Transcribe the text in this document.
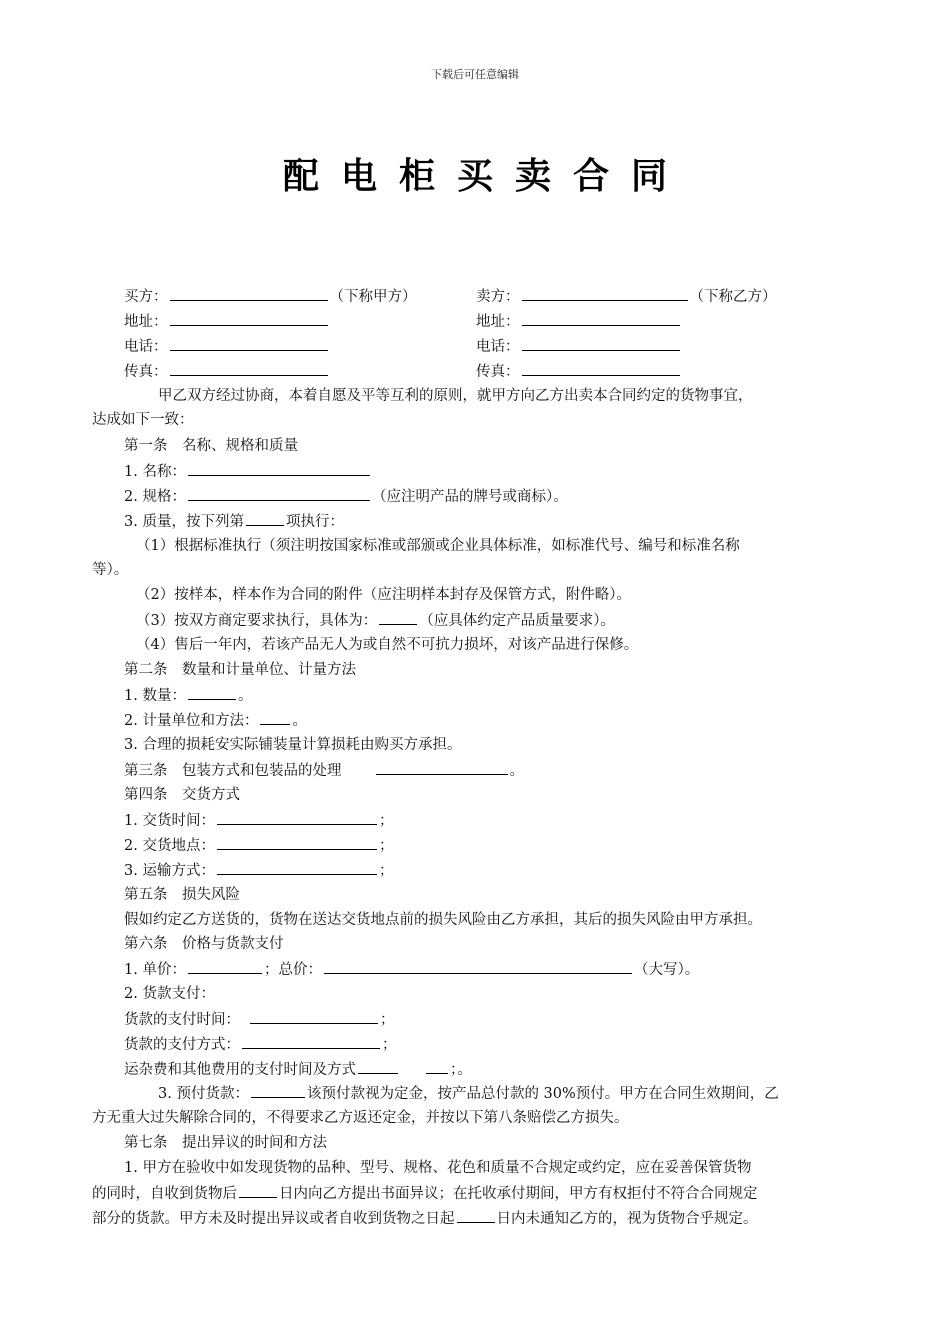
下载后可任意编辑
配电柜买卖合同
买方：	（下称甲方）	卖方：	（下称乙方）
地址：	地址：
电话：	电话：
传真：	传真：
甲乙双方经过协商，本着自愿及平等互利的原则，就甲方向乙方出卖本合同约定的货物事宜，
达成如下一致：
第一条　名称、规格和质量
1. 名称：
2. 规格：	（应注明产品的牌号或商标）。
3. 质量，按下列第	项执行：
（1）根据标准执行（须注明按国家标准或部颁或企业具体标准，如标准代号、编号和标准名称
等）。
（2）按样本，样本作为合同的附件（应注明样本封存及保管方式，附件略）。
（3）按双方商定要求执行，具体为：	（应具体约定产品质量要求）。
（4）售后一年内，若该产品无人为或自然不可抗力损坏，对该产品进行保修。
第二条　数量和计量单位、计量方法
1. 数量：	。
2. 计量单位和方法： 。
3. 合理的损耗安实际铺装量计算损耗由购买方承担。
第三条　包装方式和包装品的处理	。
第四条　交货方式
1. 交货时间：	；
2. 交货地点：	；
3. 运输方式：	；
第五条　损失风险
假如约定乙方送货的，货物在送达交货地点前的损失风险由乙方承担，其后的损失风险由甲方承担。
第六条　价格与货款支付
1. 单价：	；总价：	（大写）。
2. 货款支付：
货款的支付时间：	；
货款的支付方式：	；
运杂费和其他费用的支付时间及方式	；。
3. 预付货款：	该预付款视为定金，按产品总付款的 30%预付。甲方在合同生效期间，乙
方无重大过失解除合同的，不得要求乙方返还定金，并按以下第八条赔偿乙方损失。
第七条　提出异议的时间和方法
1. 甲方在验收中如发现货物的品种、型号、规格、花色和质量不合规定或约定，应在妥善保管货物
的同时，自收到货物后	日内向乙方提出书面异议；在托收承付期间，甲方有权拒付不符合合同规定
部分的货款。甲方未及时提出异议或者自收到货物之日起	日内未通知乙方的，视为货物合乎规定。
